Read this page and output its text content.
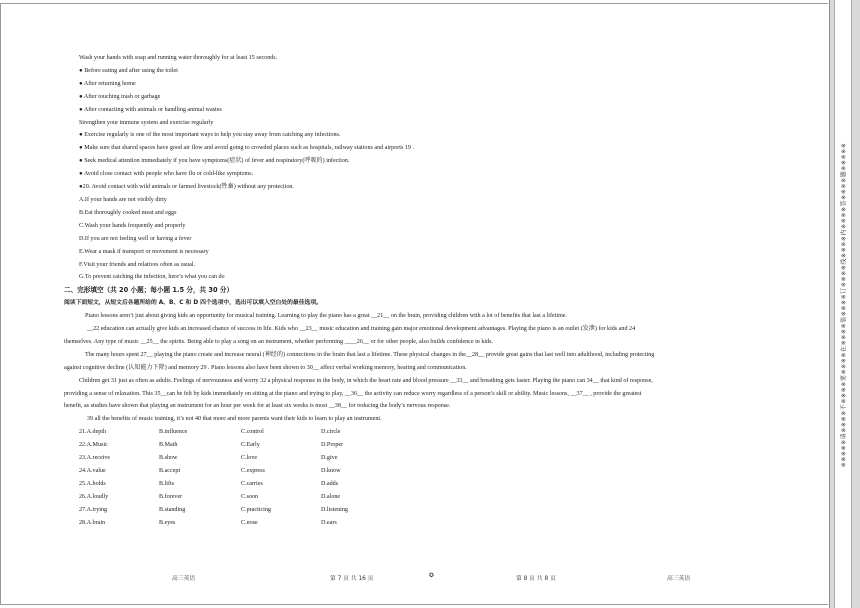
※※※※※请※※※※不※※※※要※※※※在※※※※装※※※※订※※※※线※※※※内※※※※答※※※※题※※※※※
Wash your hands with soap and running water thoroughly for at least 15 seconds.
● Before eating and after using the toilet
● After returning home
● After touching trash or garbage
● After contacting with animals or handling animal wastes
Strengthen your immune system and exercise regularly
● Exercise regularly is one of the most important ways to help you stay away from catching any infections.
● Make sure that shared spaces have good air flow and avoid going to crowded places such as hospitals, railway stations and airports 19 .
● Seek medical attention immediately if you have symptoms(症状) of fever and respiratory(呼吸的) infection.
● Avoid close contact with people who have flu or cold-like symptoms.
●20. Avoid contact with wild animals or farmed livestock(牲畜) without any protection.
A.If your hands are not visibly dirty
B.Eat thoroughly cooked meat and eggs
C.Wash your hands frequently and properly
D.If you are not feeling well or having a fever
E.Wear a mask if transport or movement is necessary
F.Visit your friends and relatives often as usual.
G.To prevent catching the infection, here’s what you can do
二、完形填空（共 20 小题；每小题 1.5 分，共 30 分）
阅读下面短文，从短文后各题所给的 A、B、C 和 D 四个选项中，选出可以填入空白处的最佳选项。
Piano lessons aren’t just about giving kids an opportunity for musical training. Learning to play the piano has a great __21__ on the brain, providing children with a lot of benefits that last a lifetime.
__22 education can actually give kids an increased chance of success in life. Kids who __23__ music education and training gain major emotional development advantages. Playing the piano is an outlet (发泄) for kids and 24
themselves. Any type of music __25__ the spirits. Being able to play a song on an instrument, whether performing ____26__ or for other people, also builds confidence in kids.
The many hours spent 27__ playing the piano create and increase neural (神经的) connections in the brain that last a lifetime. These physical changes in the__28__ provide great gains that last well into adulthood, including protecting
against cognitive decline (认知能力下降) and memory 29 . Piano lessons also have been shown to 30__ affect verbal working memory, hearing and communication.
Children get 31 just as often as adults. Feelings of nervousness and worry 32 a physical response in the body, in which the heart rate and blood pressure __33__ and breathing gets faster. Playing the piano can 34__ that kind of response,
providing a sense of relaxation. This 35__can be felt by kids immediately on sitting at the piano and trying to play, __36__ the activity can reduce worry regardless of a person’s skill or ability. Music lessons, __37__ , provide the greatest
benefit, as studies have shown that playing an instrument for an hour per week for at least six weeks is most __38__ for reducing the body’s nervous response.
39 all the benefits of music training, it’s not 40 that more and more parents want their kids to learn to play an instrument.
21.A.depth	B.influence	C.control	D.circle
22.A.Music	B.Math	C.Early	D.Proper
23.A.receive	B.show	C.love	D.give
24.A.value	B.accept	C.express	D.know
25.A.holds	B.lifts	C.carries	D.adds
26.A.loudly	B.forever	C.soon	D.alone
27.A.trying	B.standing	C.practicing	D.listening
28.A.brain	B.eyes	C.nose	D.ears
高三英语	第 7 页 共 16 页	✪	第 8 页 共 8 页	高三英语
